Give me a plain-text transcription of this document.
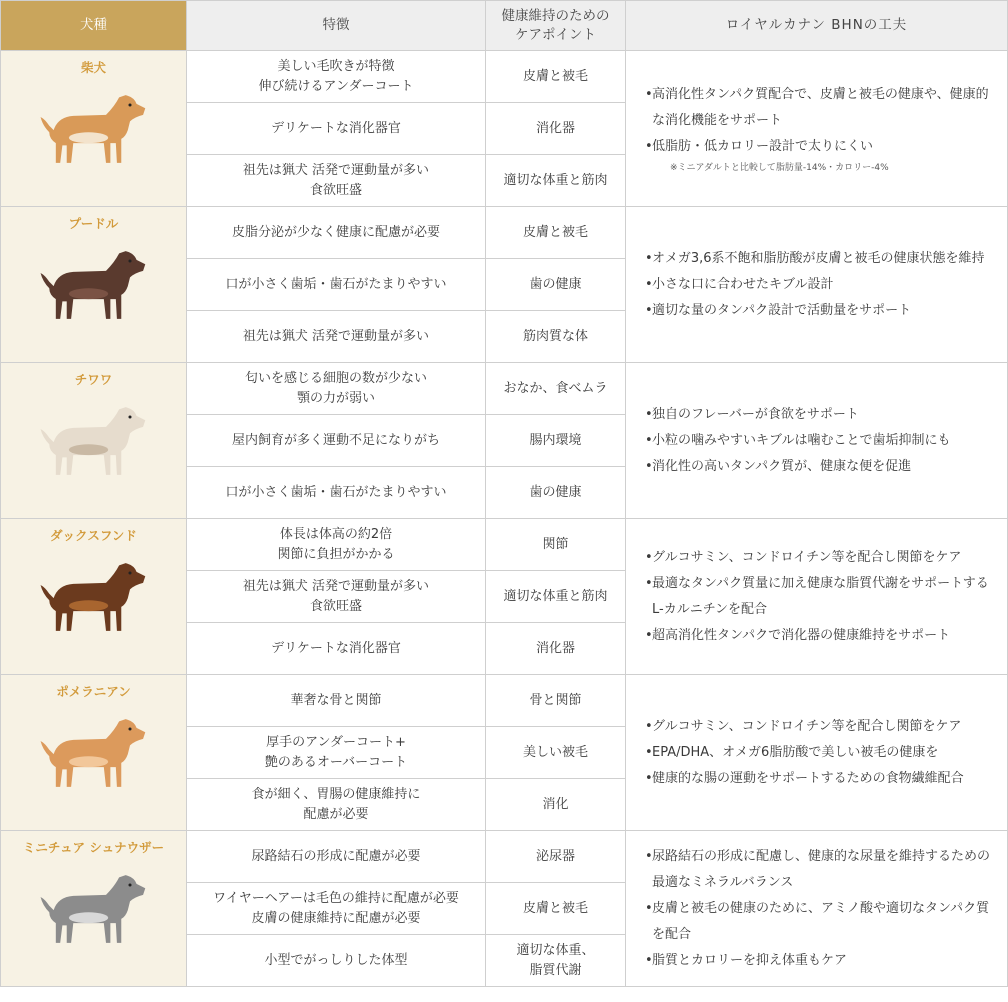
犬種	特徴	健康維持のための
ケアポイント	ロイヤルカナン BHNの工夫

柴犬	美しい毛吹きが特徴
伸び続けるアンダーコート	皮膚と被毛	• 高消化性タンパク質配合で、皮膚と被毛の健康や、健康的な消化機能をサポート
• 低脂肪・低カロリー設計で太りにくい
※ミニアダルトと比較して脂肪量-14%・カロリー-4%

	デリケートな消化器官	消化器	
	祖先は猟犬 活発で運動量が多い
食欲旺盛	適切な体重と筋肉	

プードル	皮脂分泌が少なく健康に配慮が必要	皮膚と被毛	• オメガ3,6系不飽和脂肪酸が皮膚と被毛の健康状態を維持
• 小さな口に合わせたキブル設計
• 適切な量のタンパク設計で活動量をサポート

	口が小さく歯垢・歯石がたまりやすい	歯の健康	
	祖先は猟犬 活発で運動量が多い	筋肉質な体	

チワワ	匂いを感じる細胞の数が少ない
顎の力が弱い	おなか、食べムラ	• 独自のフレーバーが食欲をサポート
• 小粒の噛みやすいキブルは噛むことで歯垢抑制にも
• 消化性の高いタンパク質が、健康な便を促進

	屋内飼育が多く運動不足になりがち	腸内環境	
	口が小さく歯垢・歯石がたまりやすい	歯の健康	

ダックスフンド	体長は体高の約2倍
関節に負担がかかる	関節	• グルコサミン、コンドロイチン等を配合し関節をケア
• 最適なタンパク質量に加え健康な脂質代謝をサポートするL-カルニチンを配合
• 超高消化性タンパクで消化器の健康維持をサポート

	祖先は猟犬 活発で運動量が多い
食欲旺盛	適切な体重と筋肉	
	デリケートな消化器官	消化器	

ポメラニアン	華奢な骨と関節	骨と関節	• グルコサミン、コンドロイチン等を配合し関節をケア
• EPA/DHA、オメガ6脂肪酸で美しい被毛の健康を
• 健康的な腸の運動をサポートするための食物繊維配合

	厚手のアンダーコート+
艶のあるオーバーコート	美しい被毛	
	食が細く、胃腸の健康維持に
配慮が必要	消化	

ミニチュア シュナウザー	尿路結石の形成に配慮が必要	泌尿器	• 尿路結石の形成に配慮し、健康的な尿量を維持するための最適なミネラルバランス
• 皮膚と被毛の健康のために、アミノ酸や適切なタンパク質を配合
• 脂質とカロリーを抑え体重もケア

	ワイヤーヘアーは毛色の維持に配慮が必要
皮膚の健康維持に配慮が必要	皮膚と被毛	
	小型でがっしりした体型	適切な体重、
脂質代謝	
